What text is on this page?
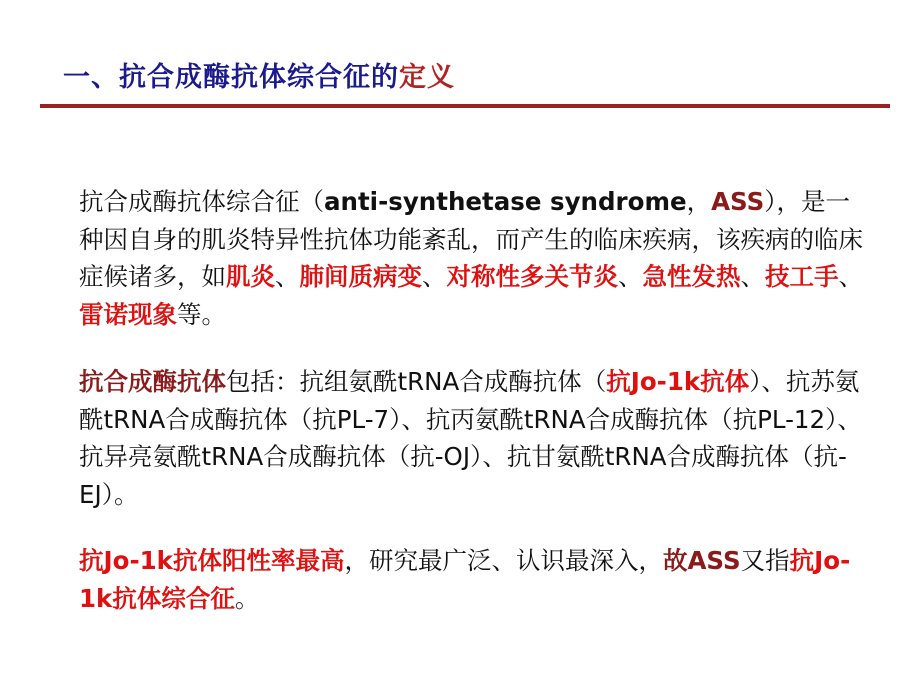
一、抗合成酶抗体综合征的定义
抗合成酶抗体综合征（anti-synthetase syndrome，ASS），是一种因自身的肌炎特异性抗体功能紊乱，而产生的临床疾病，该疾病的临床症候诸多，如肌炎、肺间质病变、对称性多关节炎、急性发热、技工手、雷诺现象等。
抗合成酶抗体包括：抗组氨酰tRNA合成酶抗体（抗Jo-1k抗体）、抗苏氨酰tRNA合成酶抗体（抗PL-7）、抗丙氨酰tRNA合成酶抗体（抗PL-12）、抗异亮氨酰tRNA合成酶抗体（抗-OJ）、抗甘氨酰tRNA合成酶抗体（抗-EJ）。
抗Jo-1k抗体阳性率最高，研究最广泛、认识最深入，故ASS又指抗Jo-1k抗体综合征。
